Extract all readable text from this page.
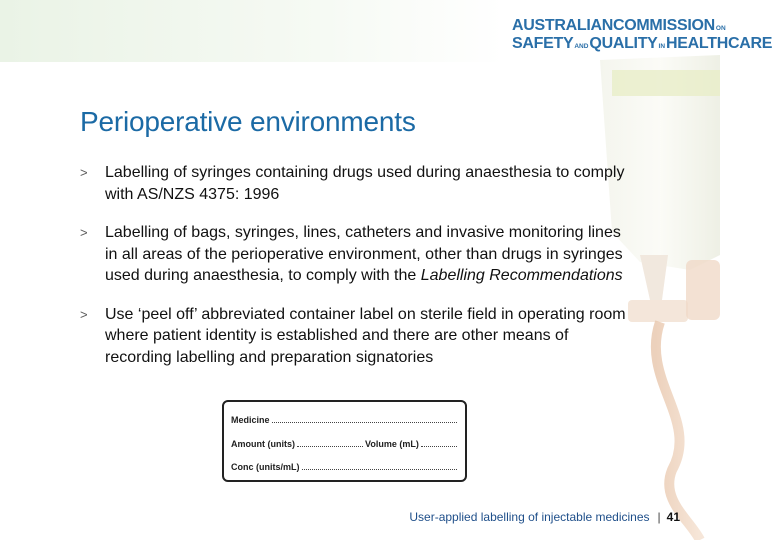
AUSTRALIAN COMMISSION ON
SAFETY AND QUALITY IN HEALTH CARE
Perioperative environments
> Labelling of syringes containing drugs used during anaesthesia to comply with AS/NZS 4375: 1996
> Labelling of bags, syringes, lines, catheters and invasive monitoring lines in all areas of the perioperative environment, other than drugs in syringes used during anaesthesia, to comply with the Labelling Recommendations
> Use ‘peel off’ abbreviated container label on sterile field in operating room where patient identity is established and there are other means of recording labelling and preparation signatories
Medicine
Amount (units)	Volume (mL)
Conc (units/mL)
User-applied labelling of injectable medicines | 41
